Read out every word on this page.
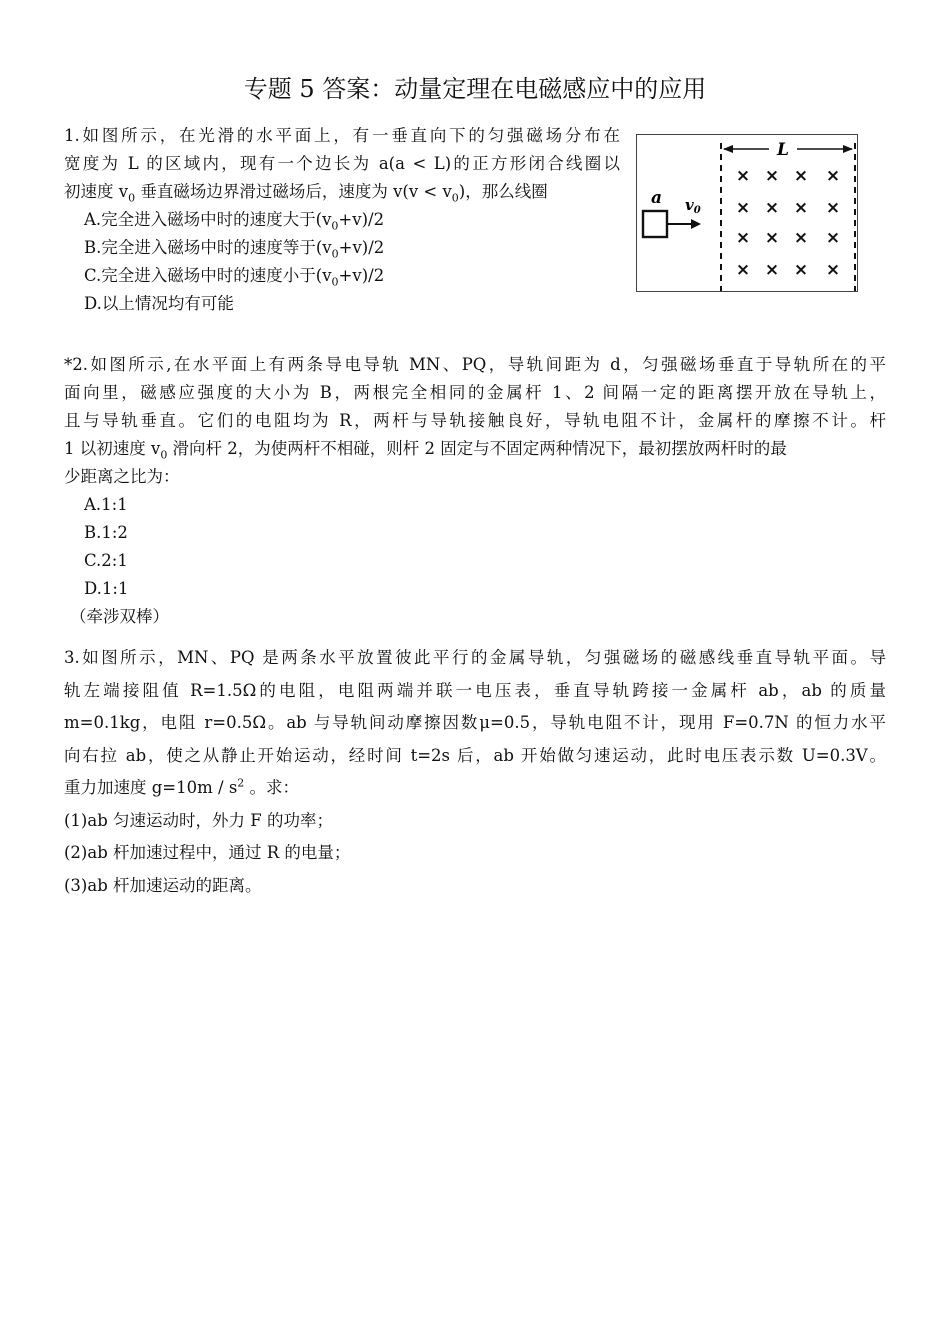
专题 5 答案：动量定理在电磁感应中的应用

1.如图所示，在光滑的水平面上，有一垂直向下的匀强磁场分布在

宽度为 L 的区域内，现有一个边长为 a(a < L)的正方形闭合线圈以

初速度 $v_0$ 垂直磁场边界滑过磁场后，速度为 $v(v < v_0)$，那么线圈

A.完全进入磁场中时的速度大于$(v_0+v)/2$

B.完全进入磁场中时的速度等于$(v_0+v)/2$

C.完全进入磁场中时的速度小于$(v_0+v)/2$

D.以上情况均有可能

L
a $v_0$
× × × ×
× × × ×
× × × ×
× × × ×

*2.如图所示,在水平面上有两条导电导轨 MN、PQ，导轨间距为 d，匀强磁场垂直于导轨所在的平

面向里，磁感应强度的大小为 B，两根完全相同的金属杆 1、2 间隔一定的距离摆开放在导轨上，

且与导轨垂直。它们的电阻均为 R，两杆与导轨接触良好，导轨电阻不计，金属杆的摩擦不计。杆

1 以初速度 $v_0$ 滑向杆 2，为使两杆不相碰，则杆 2 固定与不固定两种情况下，最初摆放两杆时的最

少距离之比为：

A.1:1

B.1:2

C.2:1

D.1:1

（牵涉双棒）

3.如图所示，MN、PQ 是两条水平放置彼此平行的金属导轨，匀强磁场的磁感线垂直导轨平面。导

轨左端接阻值 R=1.5Ω的电阻，电阻两端并联一电压表，垂直导轨跨接一金属杆 ab，ab 的质量

m=0.1kg，电阻 r=0.5Ω。ab 与导轨间动摩擦因数μ=0.5，导轨电阻不计，现用 F=0.7N 的恒力水平

向右拉 ab，使之从静止开始运动，经时间 t=2s 后，ab 开始做匀速运动，此时电压表示数 U=0.3V。

重力加速度 $g=10m / s^2$ 。求：

(1)ab 匀速运动时，外力 F 的功率；

(2)ab 杆加速过程中，通过 R 的电量；

(3)ab 杆加速运动的距离。
